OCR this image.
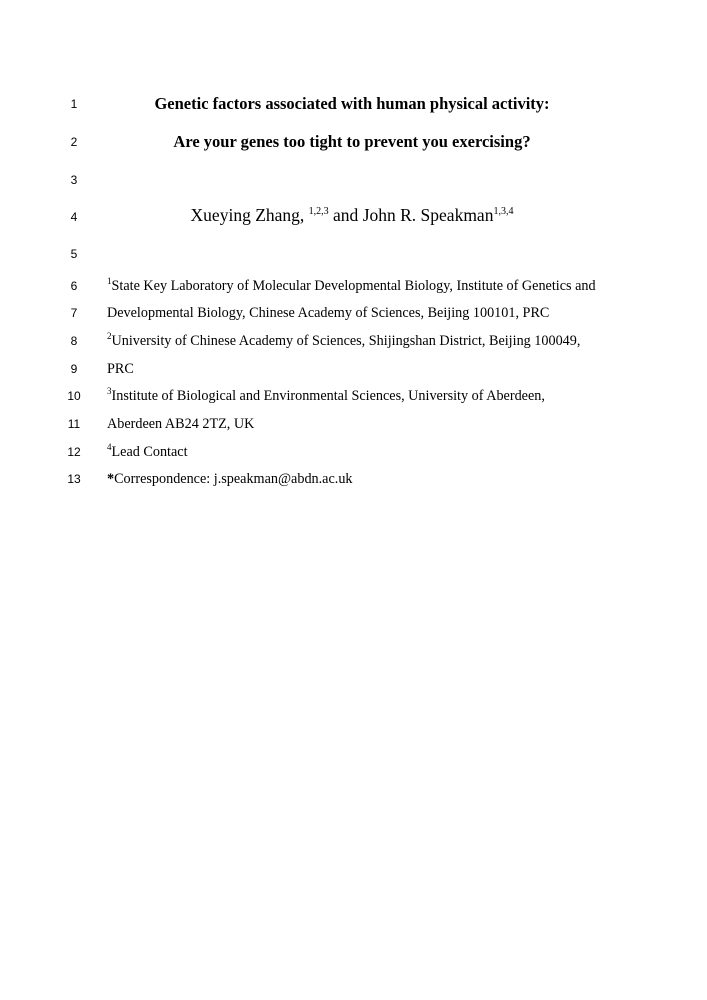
1
2
3
4
5
6
7
8
9
10
11
12
13
Genetic factors associated with human physical activity:
Are your genes too tight to prevent you exercising?
Xueying Zhang, $^{1,2,3}$ and John R. Speakman$^{1,3,4}$
$^1$State Key Laboratory of Molecular Developmental Biology, Institute of Genetics and
Developmental Biology, Chinese Academy of Sciences, Beijing 100101, PRC
$^2$University of Chinese Academy of Sciences, Shijingshan District, Beijing 100049,
PRC
$^3$Institute of Biological and Environmental Sciences, University of Aberdeen,
Aberdeen AB24 2TZ, UK
$^4$Lead Contact
*Correspondence: j.speakman@abdn.ac.uk
